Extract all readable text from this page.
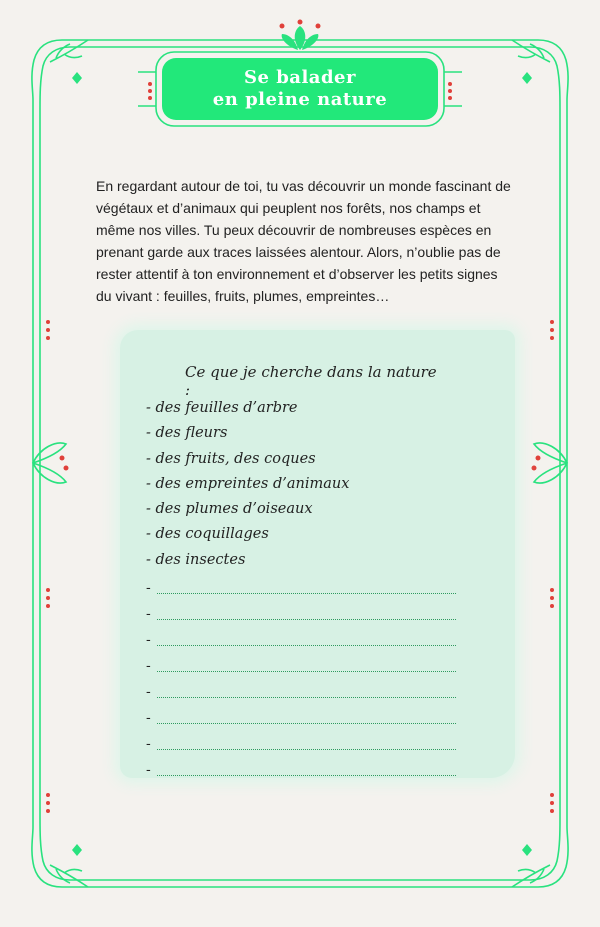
Se balader
en pleine nature
En regardant autour de toi, tu vas découvrir un monde fascinant de végétaux et d’animaux qui peuplent nos forêts, nos champs et même nos villes. Tu peux découvrir de nombreuses espèces en prenant garde aux traces laissées alentour. Alors, n’oublie pas de rester attentif à ton environnement et d’observer les petits signes du vivant : feuilles, fruits, plumes, empreintes…
Ce que je cherche dans la nature :
- des feuilles d’arbre
- des fleurs
- des fruits, des coques
- des empreintes d’animaux
- des plumes d’oiseaux
- des coquillages
- des insectes
-
-
-
-
-
-
-
-
